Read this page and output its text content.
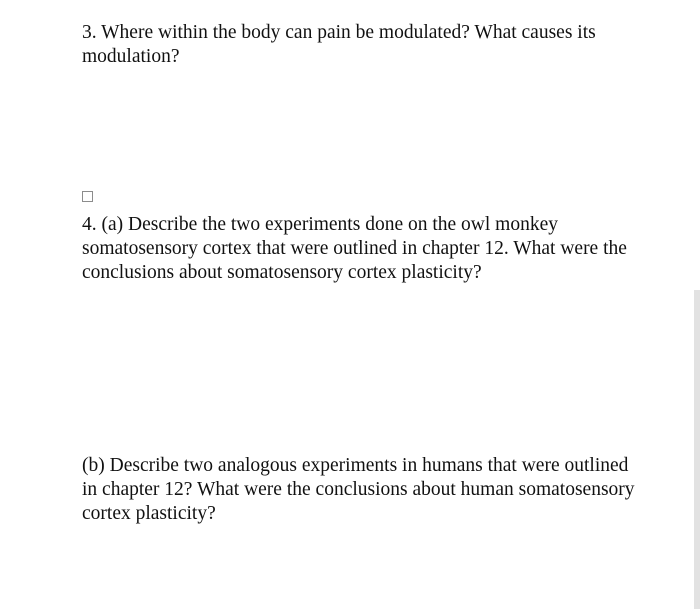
3. Where within the body can pain be modulated? What causes its modulation?

4. (a) Describe the two experiments done on the owl monkey somatosensory cortex that were outlined in chapter 12. What were the conclusions about somatosensory cortex plasticity?

(b) Describe two analogous experiments in humans that were outlined in chapter 12? What were the conclusions about human somatosensory cortex plasticity?
